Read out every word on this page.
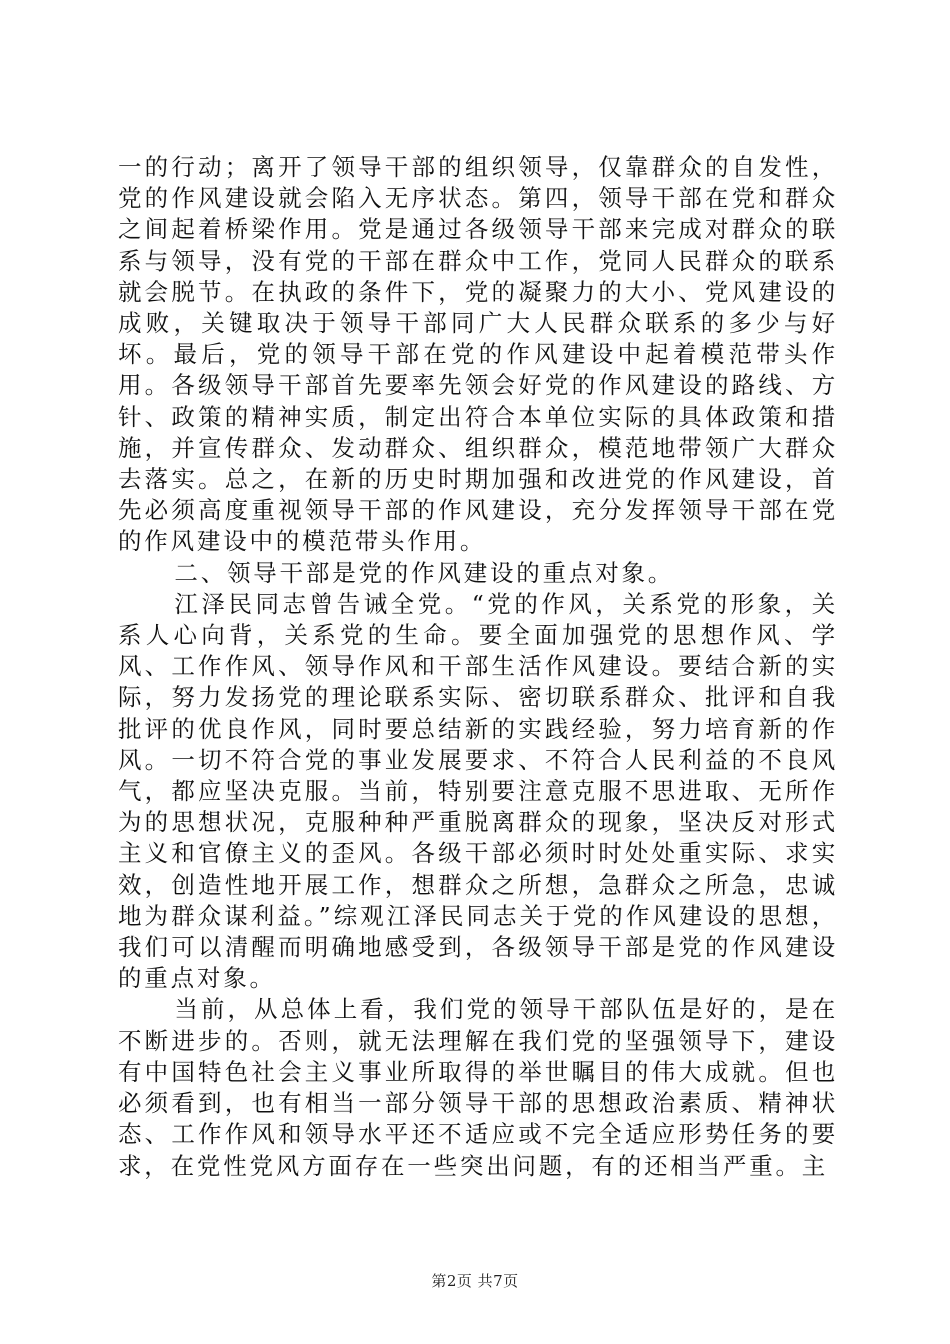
一的行动；离开了领导干部的组织领导，仅靠群众的自发性，党的作风建设就会陷入无序状态。第四，领导干部在党和群众之间起着桥梁作用。党是通过各级领导干部来完成对群众的联系与领导，没有党的干部在群众中工作，党同人民群众的联系就会脱节。在执政的条件下，党的凝聚力的大小、党风建设的成败，关键取决于领导干部同广大人民群众联系的多少与好坏。最后，党的领导干部在党的作风建设中起着模范带头作用。各级领导干部首先要率先领会好党的作风建设的路线、方针、政策的精神实质，制定出符合本单位实际的具体政策和措施，并宣传群众、发动群众、组织群众，模范地带领广大群众去落实。总之，在新的历史时期加强和改进党的作风建设，首先必须高度重视领导干部的作风建设，充分发挥领导干部在党的作风建设中的模范带头作用。

二、领导干部是党的作风建设的重点对象。

江泽民同志曾告诫全党。“党的作风，关系党的形象，关系人心向背，关系党的生命。要全面加强党的思想作风、学风、工作作风、领导作风和干部生活作风建设。要结合新的实际，努力发扬党的理论联系实际、密切联系群众、批评和自我批评的优良作风，同时要总结新的实践经验，努力培育新的作风。一切不符合党的事业发展要求、不符合人民利益的不良风气，都应坚决克服。当前，特别要注意克服不思进取、无所作为的思想状况，克服种种严重脱离群众的现象，坚决反对形式主义和官僚主义的歪风。各级干部必须时时处处重实际、求实效，创造性地开展工作，想群众之所想，急群众之所急，忠诚地为群众谋利益。”综观江泽民同志关于党的作风建设的思想，我们可以清醒而明确地感受到，各级领导干部是党的作风建设的重点对象。

当前，从总体上看，我们党的领导干部队伍是好的，是在不断进步的。否则，就无法理解在我们党的坚强领导下，建设有中国特色社会主义事业所取得的举世瞩目的伟大成就。但也必须看到，也有相当一部分领导干部的思想政治素质、精神状态、工作作风和领导水平还不适应或不完全适应形势任务的要求，在党性党风方面存在一些突出问题，有的还相当严重。主

第2页 共7页
